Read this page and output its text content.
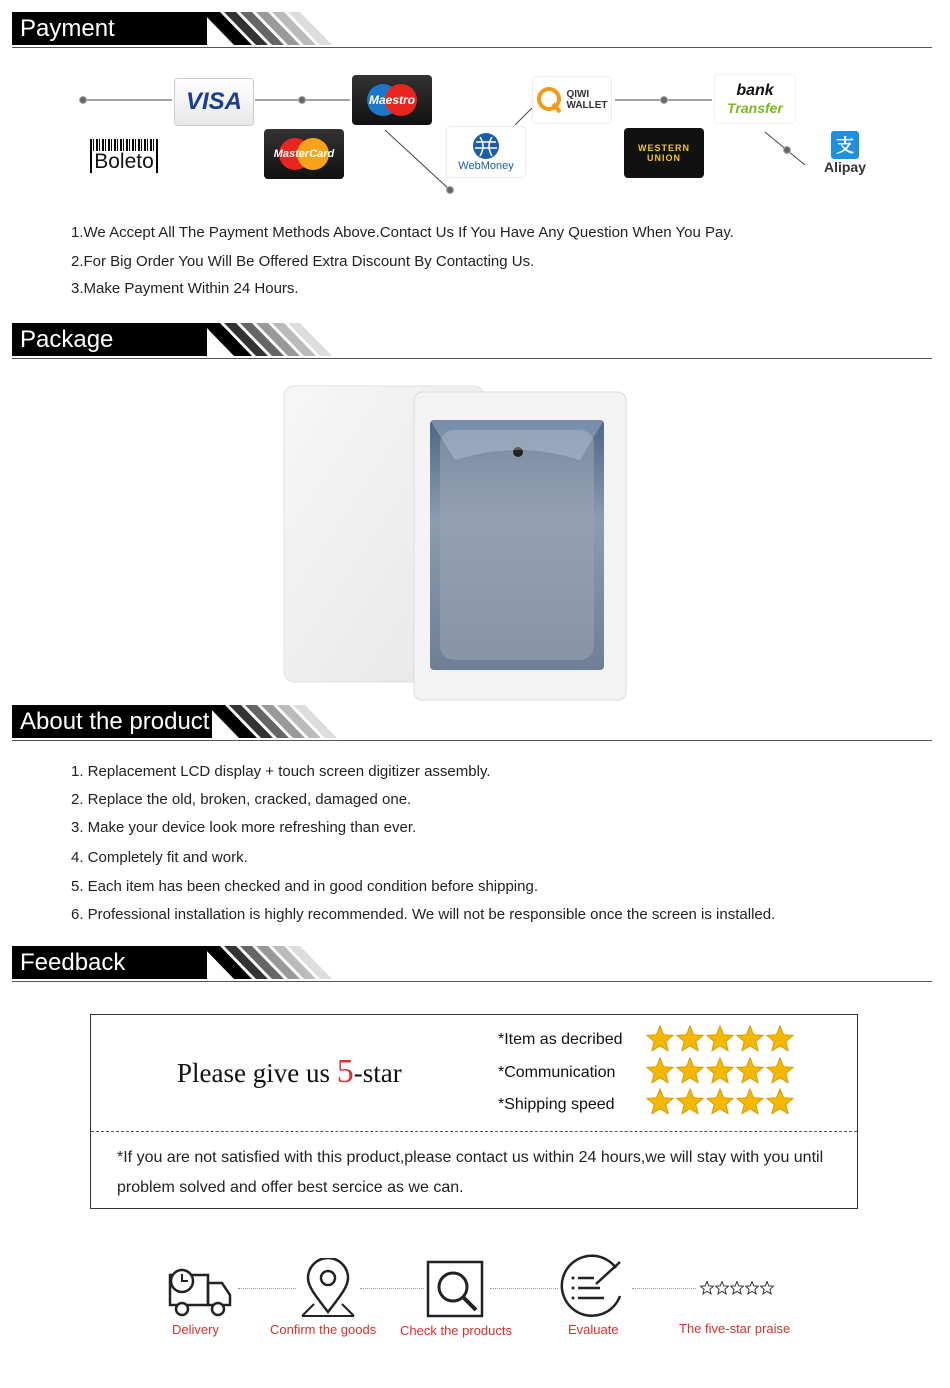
Payment
VISA
Boleto	MasterCard
Maestro
WebMoney
QIWI
WALLET
WESTERN
UNION
bank
Transfer
支
Alipay
1.We Accept All The Payment Methods Above.Contact Us If You Have Any Question When You Pay.
2.For Big Order You Will Be Offered Extra Discount By Contacting Us.
3.Make Payment Within 24 Hours.
Package
About the product
1. Replacement LCD display + touch screen digitizer assembly.
2. Replace the old, broken, cracked, damaged one.
3. Make your device look more refreshing than ever.
4. Completely fit and work.
5. Each item has been checked and in good condition before shipping.
6. Professional installation is highly recommended. We will not be responsible once the screen is installed.
Feedback
Please give us 5-star
*Item as decribed
*Communication
*Shipping speed
*If you are not satisfied with this product,please contact us within 24 hours,we will stay with you until problem solved and offer best sercice as we can.
Delivery	Confirm the goods Check the products	Evaluate	The five-star praise
